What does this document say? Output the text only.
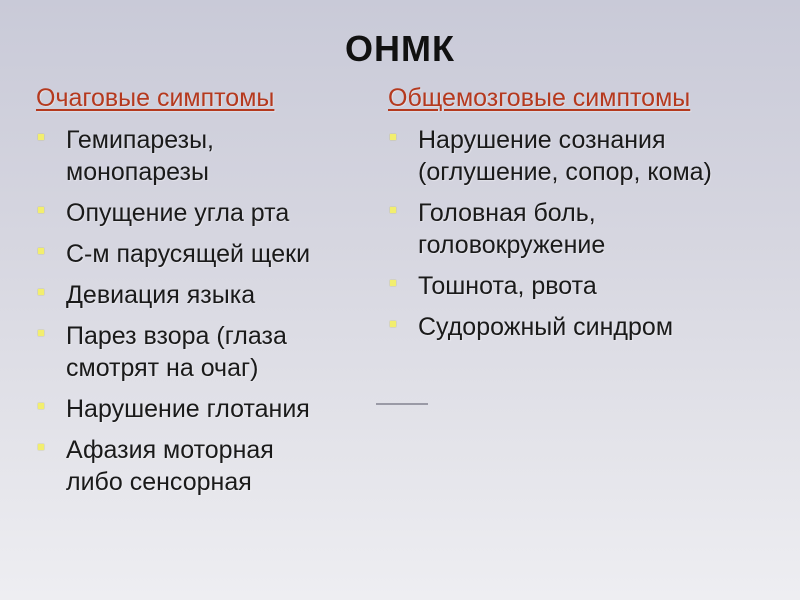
ОНМК
Очаговые симптомы	Общемозговые симптомы
Гемипарезы, монопарезы
Опущение угла рта
С-м парусящей щеки
Девиация языка
Парез взора (глаза смотрят на очаг)
Нарушение глотания
Афазия моторная либо сенсорная
Нарушение сознания (оглушение, сопор, кома)
Головная боль, головокружение
Тошнота, рвота
Судорожный синдром
